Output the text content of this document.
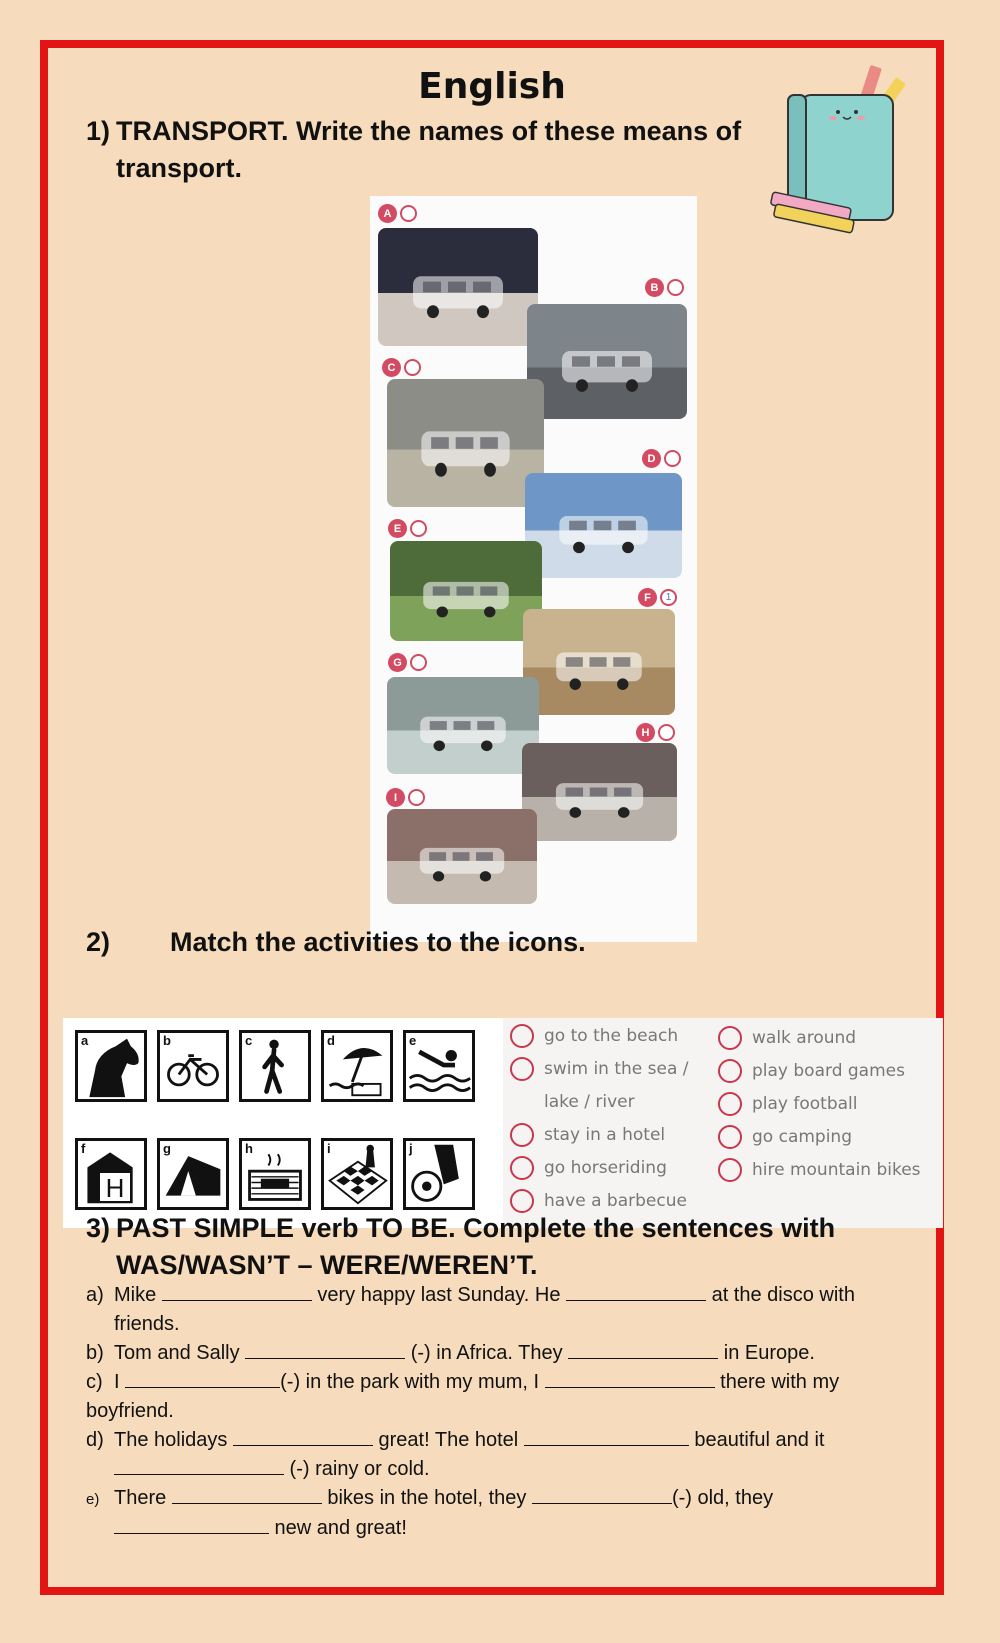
English
1) TRANSPORT. Write the names of these means of
transport.
A
B
C
D
E
F	1
G
H
I
2) Match the activities to the icons.
a	b	c	d	e
H
f	g	h	i	j
go to the beach
swim in the sea /
lake / river
stay in a hotel
go horseriding
have a barbecue
walk around
play board games
play football
go camping
hire mountain bikes
3) PAST SIMPLE verb TO BE. Complete the sentences with
WAS/WASN’T – WERE/WEREN’T.
a) Mike	very happy last Sunday. He	at the disco with
friends.
b) Tom and Sally	(-) in Africa. They	in Europe.
c) I	(-) in the park with my mum, I	there with my boyfriend.
d) The holidays	great! The hotel	beautiful and it
(-) rainy or cold.
e) There	bikes in the hotel, they	(-) old, they
new and great!
